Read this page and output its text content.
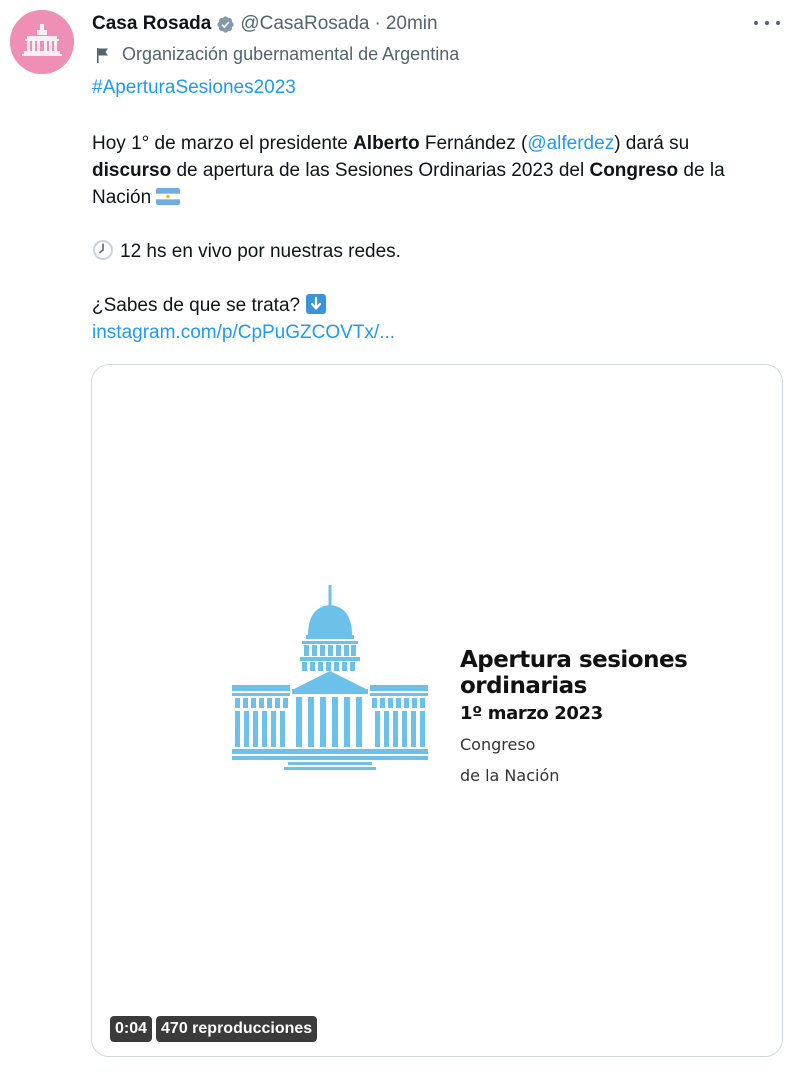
Casa Rosada @CasaRosada · 20min
Organización gubernamental de Argentina
#AperturaSesiones2023
Hoy 1° de marzo el presidente Alberto Fernández (@alferdez) dará su
discurso de apertura de las Sesiones Ordinarias 2023 del Congreso de la
Nación
12 hs en vivo por nuestras redes.
¿Sabes de que se trata?
instagram.com/p/CpPuGZCOVTx/...
Apertura sesiones
ordinarias
1º marzo 2023
Congreso
de la Nación
0:04 470 reproducciones
